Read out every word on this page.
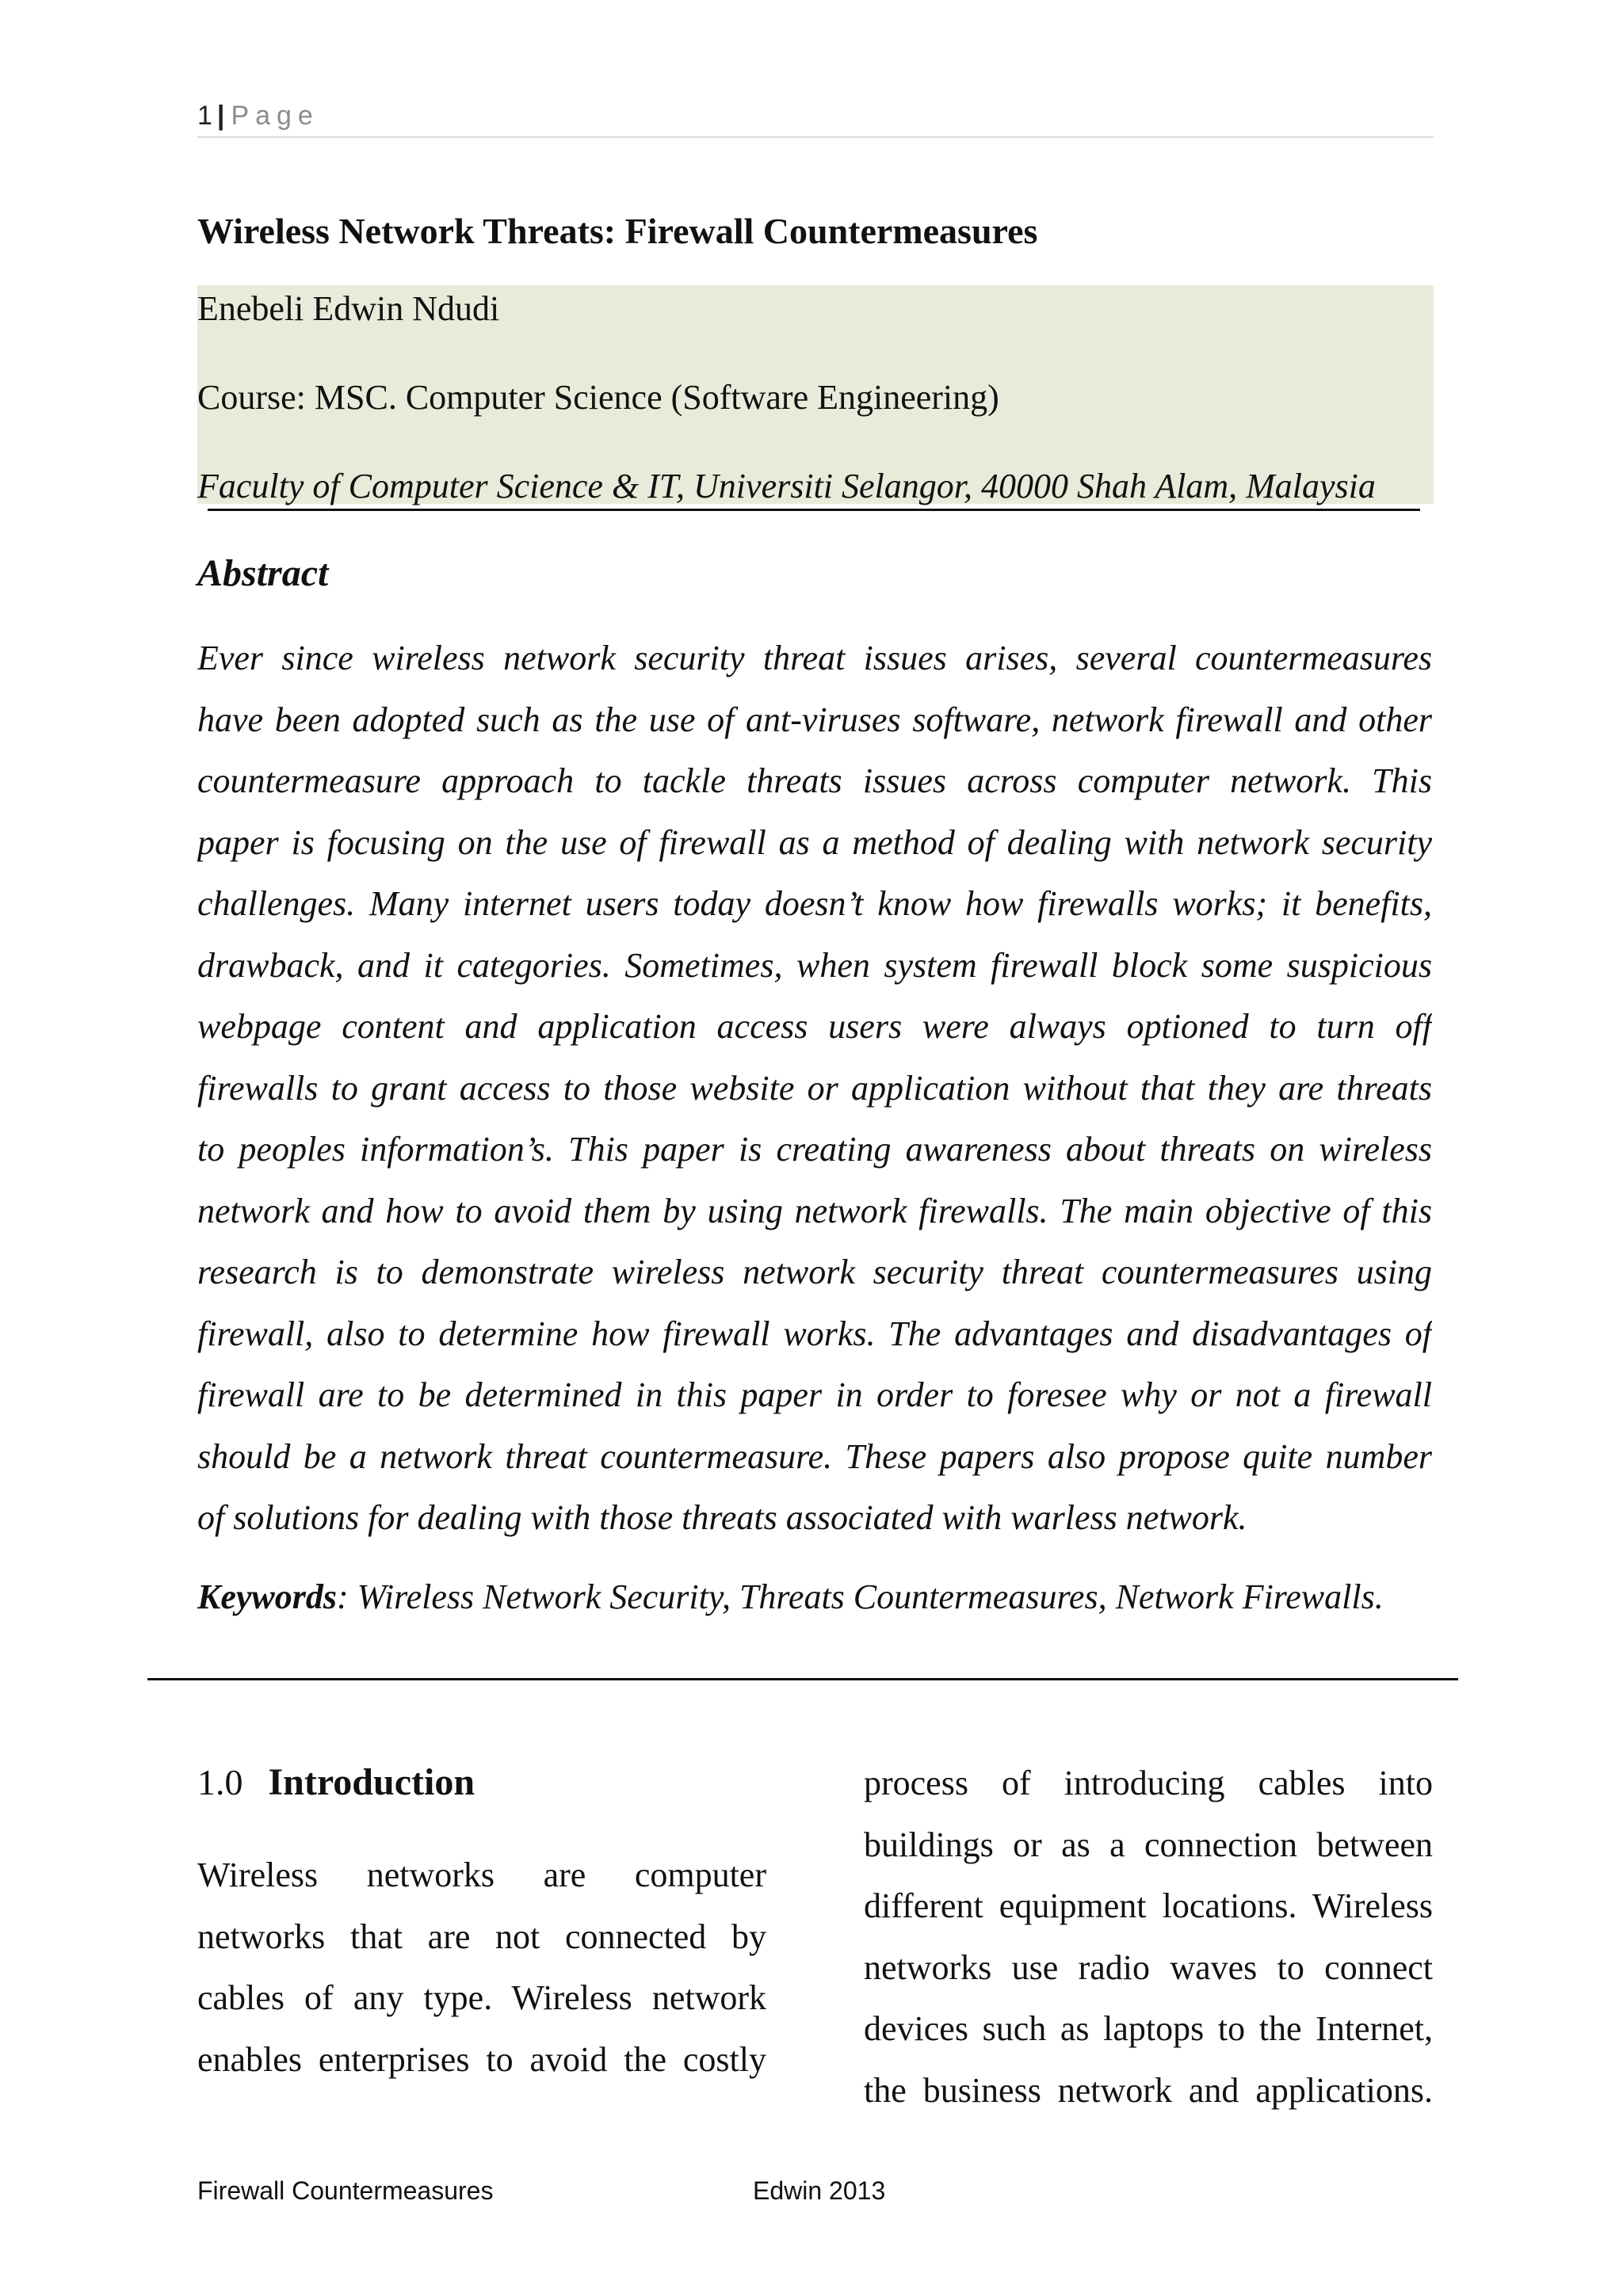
1 | Page
Wireless Network Threats: Firewall Countermeasures
Enebeli Edwin Ndudi
Course: MSC. Computer Science (Software Engineering)
Faculty of Computer Science & IT, Universiti Selangor, 40000 Shah Alam, Malaysia
Abstract
Ever since wireless network security threat issues arises, several countermeasures
have been adopted such as the use of ant-viruses software, network firewall and other
countermeasure approach to tackle threats issues across computer network. This
paper is focusing on the use of firewall as a method of dealing with network security
challenges. Many internet users today doesn’t know how firewalls works; it benefits,
drawback, and it categories. Sometimes, when system firewall block some suspicious
webpage content and application access users were always optioned to turn off
firewalls to grant access to those website or application without that they are threats
to peoples information’s. This paper is creating awareness about threats on wireless
network and how to avoid them by using network firewalls. The main objective of this
research is to demonstrate wireless network security threat countermeasures using
firewall, also to determine how firewall works. The advantages and disadvantages of
firewall are to be determined in this paper in order to foresee why or not a firewall
should be a network threat countermeasure. These papers also propose quite number
of solutions for dealing with those threats associated with warless network.
Keywords: Wireless Network Security, Threats Countermeasures, Network Firewalls.
1.0 Introduction
Wireless networks are computer
networks that are not connected by
cables of any type. Wireless network
enables enterprises to avoid the costly
process of introducing cables into
buildings or as a connection between
different equipment locations. Wireless
networks use radio waves to connect
devices such as laptops to the Internet,
the business network and applications.
Firewall Countermeasures	Edwin 2013
